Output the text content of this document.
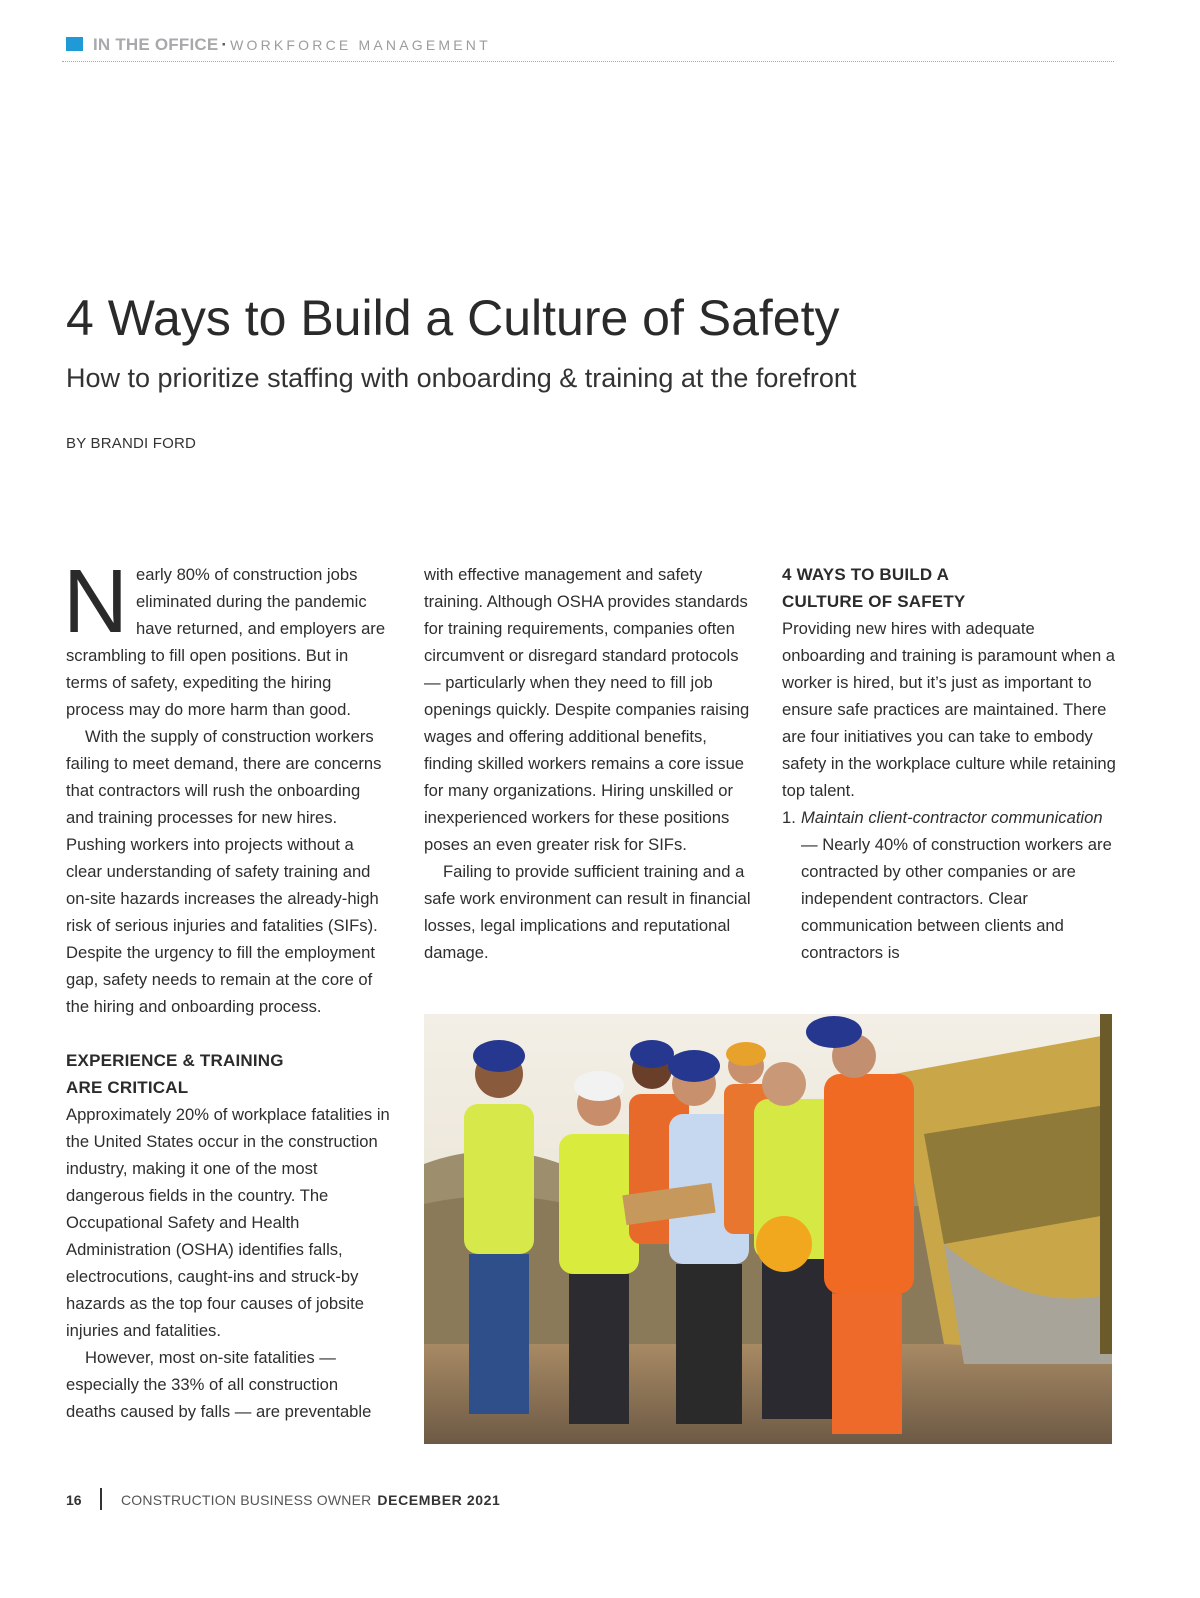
IN THE OFFICE · WORKFORCE MANAGEMENT
4 Ways to Build a Culture of Safety
How to prioritize staffing with onboarding & training at the forefront
BY BRANDI FORD

Nearly 80% of construction jobs eliminated during the pandemic have returned, and employers are scrambling to fill open positions. But in terms of safety, expediting the hiring process may do more harm than good.

With the supply of construction workers failing to meet demand, there are concerns that contractors will rush the onboarding and training processes for new hires. Pushing workers into projects without a clear understanding of safety training and on-site hazards increases the already-high risk of serious injuries and fatalities (SIFs). Despite the urgency to fill the employment gap, safety needs to remain at the core of the hiring and onboarding process.

EXPERIENCE & TRAINING
ARE CRITICAL

Approximately 20% of workplace fatalities in the United States occur in the construction industry, making it one of the most dangerous fields in the country. The Occupational Safety and Health Administration (OSHA) identifies falls, electrocutions, caught-ins and struck-by hazards as the top four causes of jobsite injuries and fatalities.

However, most on-site fatalities — especially the 33% of all construction deaths caused by falls — are preventable

with effective management and safety training. Although OSHA provides standards for training requirements, companies often circumvent or disregard standard protocols — particularly when they need to fill job openings quickly. Despite companies raising wages and offering additional benefits, finding skilled workers remains a core issue for many organizations. Hiring unskilled or inexperienced workers for these positions poses an even greater risk for SIFs.

Failing to provide sufficient training and a safe work environment can result in financial losses, legal implications and reputational damage.

4 WAYS TO BUILD A
CULTURE OF SAFETY

Providing new hires with adequate onboarding and training is paramount when a worker is hired, but it’s just as important to ensure safe practices are maintained. There are four initiatives you can take to embody safety in the workplace culture while retaining top talent.

1. Maintain client-contractor communication — Nearly 40% of construction workers are contracted by other companies or are independent contractors. Clear communication between clients and contractors is
16	CONSTRUCTION BUSINESS OWNER DECEMBER 2021
